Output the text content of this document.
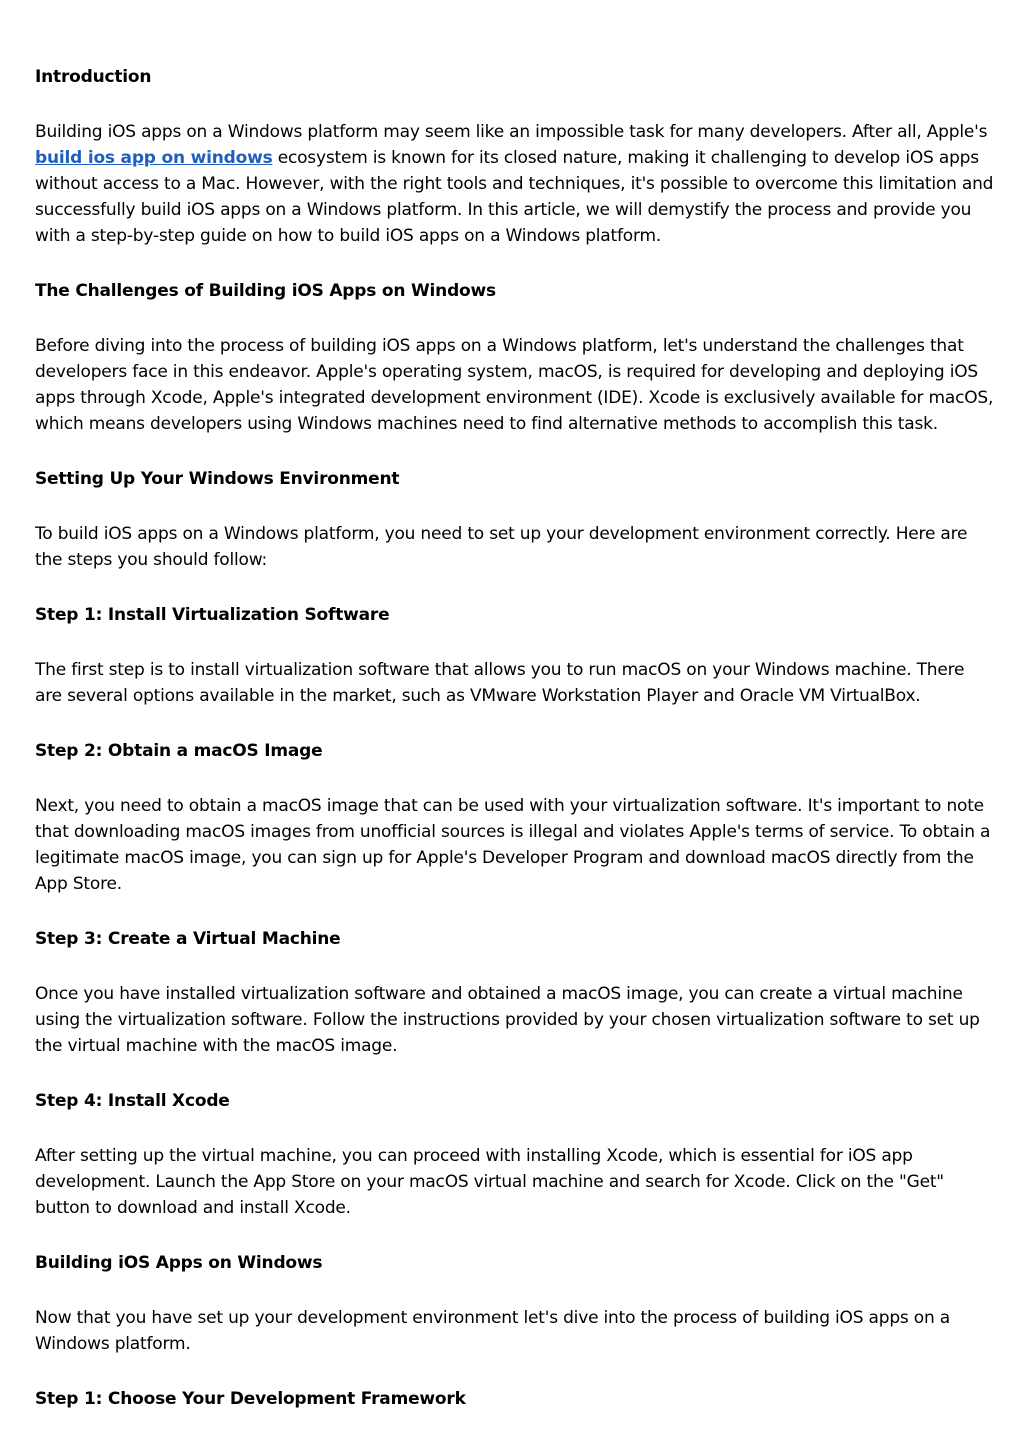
Introduction

Building iOS apps on a Windows platform may seem like an impossible task for many developers. After all, Apple's build ios app on windows ecosystem is known for its closed nature, making it challenging to develop iOS apps without access to a Mac. However, with the right tools and techniques, it's possible to overcome this limitation and successfully build iOS apps on a Windows platform. In this article, we will demystify the process and provide you with a step-by-step guide on how to build iOS apps on a Windows platform.

The Challenges of Building iOS Apps on Windows

Before diving into the process of building iOS apps on a Windows platform, let's understand the challenges that developers face in this endeavor. Apple's operating system, macOS, is required for developing and deploying iOS apps through Xcode, Apple's integrated development environment (IDE). Xcode is exclusively available for macOS, which means developers using Windows machines need to find alternative methods to accomplish this task.

Setting Up Your Windows Environment

To build iOS apps on a Windows platform, you need to set up your development environment correctly. Here are the steps you should follow:

Step 1: Install Virtualization Software

The first step is to install virtualization software that allows you to run macOS on your Windows machine. There are several options available in the market, such as VMware Workstation Player and Oracle VM VirtualBox.

Step 2: Obtain a macOS Image

Next, you need to obtain a macOS image that can be used with your virtualization software. It's important to note that downloading macOS images from unofficial sources is illegal and violates Apple's terms of service. To obtain a legitimate macOS image, you can sign up for Apple's Developer Program and download macOS directly from the App Store.

Step 3: Create a Virtual Machine

Once you have installed virtualization software and obtained a macOS image, you can create a virtual machine using the virtualization software. Follow the instructions provided by your chosen virtualization software to set up the virtual machine with the macOS image.

Step 4: Install Xcode

After setting up the virtual machine, you can proceed with installing Xcode, which is essential for iOS app development. Launch the App Store on your macOS virtual machine and search for Xcode. Click on the "Get" button to download and install Xcode.

Building iOS Apps on Windows

Now that you have set up your development environment let's dive into the process of building iOS apps on a Windows platform.

Step 1: Choose Your Development Framework
